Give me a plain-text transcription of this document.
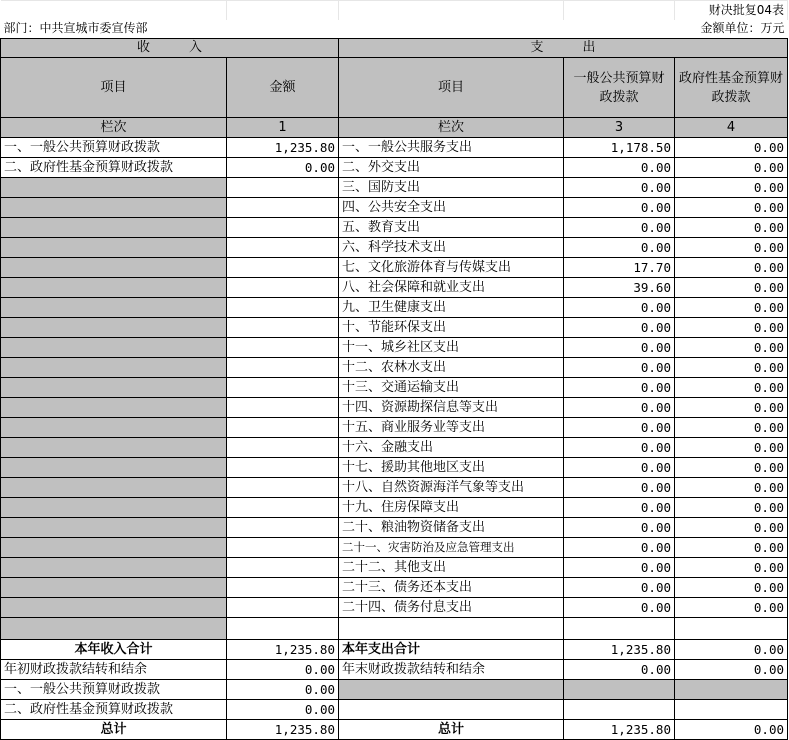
				财决批复04表
部门：中共宣城市委宣传部				金额单位：万元
收　　　入		支　　　出		
项目	金额	项目	一般公共预算财政拨款	政府性基金预算财政拨款
栏次	1	栏次	3	4
一、一般公共预算财政拨款	1,235.80	一、一般公共服务支出	1,178.50	0.00
二、政府性基金预算财政拨款	0.00	二、外交支出	0.00	0.00
		三、国防支出	0.00	0.00
		四、公共安全支出	0.00	0.00
		五、教育支出	0.00	0.00
		六、科学技术支出	0.00	0.00
		七、文化旅游体育与传媒支出	17.70	0.00
		八、社会保障和就业支出	39.60	0.00
		九、卫生健康支出	0.00	0.00
		十、节能环保支出	0.00	0.00
		十一、城乡社区支出	0.00	0.00
		十二、农林水支出	0.00	0.00
		十三、交通运输支出	0.00	0.00
		十四、资源勘探信息等支出	0.00	0.00
		十五、商业服务业等支出	0.00	0.00
		十六、金融支出	0.00	0.00
		十七、援助其他地区支出	0.00	0.00
		十八、自然资源海洋气象等支出	0.00	0.00
		十九、住房保障支出	0.00	0.00
		二十、粮油物资储备支出	0.00	0.00
		二十一、灾害防治及应急管理支出	0.00	0.00
		二十二、其他支出	0.00	0.00
		二十三、债务还本支出	0.00	0.00
		二十四、债务付息支出	0.00	0.00

本年收入合计	1,235.80	本年支出合计	1,235.80	0.00
年初财政拨款结转和结余	0.00	年末财政拨款结转和结余	0.00	0.00
一、一般公共预算财政拨款	0.00			
二、政府性基金预算财政拨款	0.00			
总计	1,235.80	总计	1,235.80	0.00
